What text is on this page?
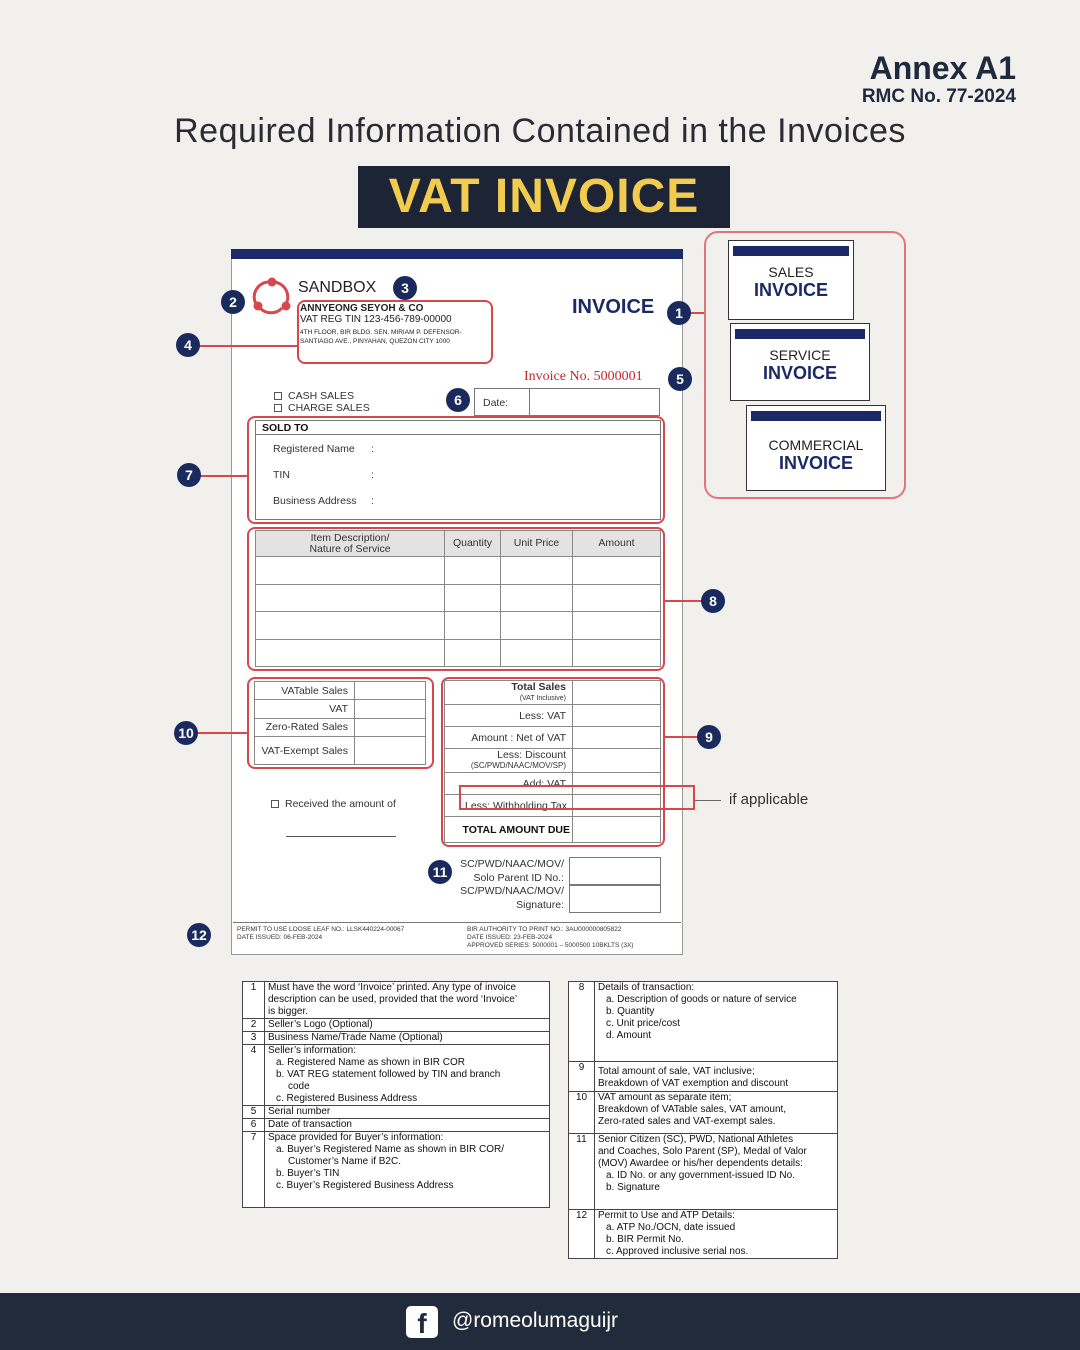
Annex A1
RMC No. 77-2024
Required Information Contained in the Invoices
VAT INVOICE
SANDBOX
ANNYEONG SEYOH & CO
VAT REG TIN 123-456-789-00000
4TH FLOOR, BIR BLDG. SEN. MIRIAM P. DEFENSOR-
SANTIAGO AVE., PINYAHAN, QUEZON CITY 1000
INVOICE
Invoice No. 5000001
CASH SALES
CHARGE SALES	Date:
SOLD TO
Registered Name :
TIN	:
Business Address :
Item Description/
Nature of Service	Quantity	Unit Price	Amount

VATable Sales	
VAT	
Zero-Rated Sales	
VAT-Exempt Sales	
Total Sales
(VAT Inclusive)	
Less: VAT	
Amount : Net of VAT	
Less: Discount
(SC/PWD/NAAC/MOV/SP)	
Add: VAT	
Less: Withholding Tax	
TOTAL AMOUNT DUE	
if applicable
Received the amount of
SC/PWD/NAAC/MOV/
Solo Parent ID No.:
SC/PWD/NAAC/MOV/
Signature:
PERMIT TO USE LOOSE LEAF NO.: LLSK440224-00067
DATE ISSUED: 06-FEB-2024
BIR AUTHORITY TO PRINT NO.: 3AU000000805822
DATE ISSUED: 23-FEB-2024
APPROVED SERIES: 5000001 – 5000500 10BKLTS (3X)
1
2
3
4
5
6
7
8
9
10
11
12
SALES
INVOICE
SERVICE
INVOICE
COMMERCIAL
INVOICE
1	Must have the word ‘Invoice’ printed. Any type of invoice
description can be used, provided that the word ‘Invoice’
is bigger.

2	Seller’s Logo (Optional)

3	Business Name/Trade Name (Optional)

4	Seller’s information:
a. Registered Name as shown in BIR COR
b. VAT REG statement followed by TIN and branch
code
c. Registered Business Address

5	Serial number

6	Date of transaction

7	Space provided for Buyer’s information:
a. Buyer’s Registered Name as shown in BIR COR/
Customer’s Name if B2C.
b. Buyer’s TIN
c. Buyer’s Registered Business Address
8	Details of transaction:
a. Description of goods or nature of service
b. Quantity
c. Unit price/cost
d. Amount

9	Total amount of sale, VAT inclusive;
Breakdown of VAT exemption and discount

10	VAT amount as separate item;
Breakdown of VATable sales, VAT amount,
Zero-rated sales and VAT-exempt sales.

11	Senior Citizen (SC), PWD, National Athletes
and Coaches, Solo Parent (SP), Medal of Valor
(MOV) Awardee or his/her dependents details:
a. ID No. or any government-issued ID No.
b. Signature

12	Permit to Use and ATP Details:
a. ATP No./OCN, date issued
b. BIR Permit No.
c. Approved inclusive serial nos.
f	@romeolumaguijr
